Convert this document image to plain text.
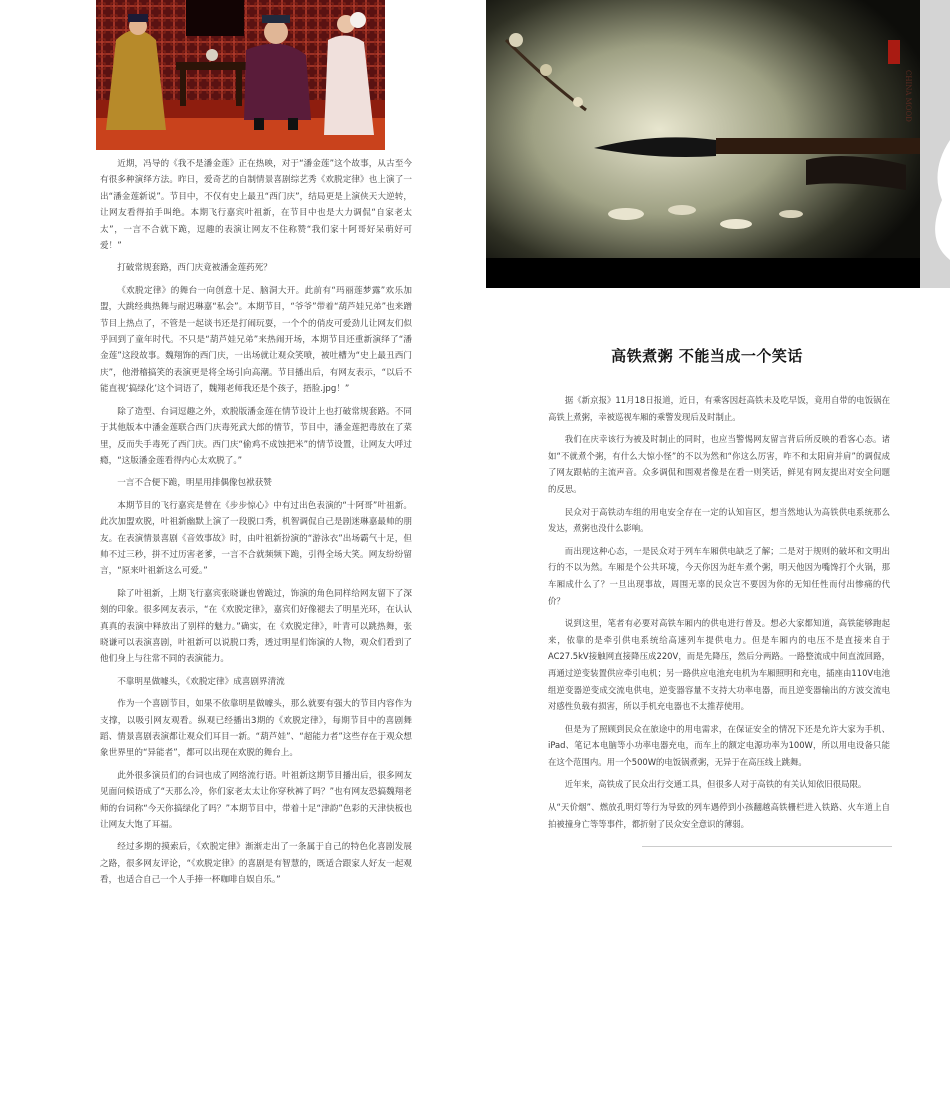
近期，冯导的《我不是潘金莲》正在热映，对于“潘金莲”这个故事，从古至今有很多种演绎方法。昨日，爱奇艺的自制情景喜剧综艺秀《欢脱定律》也上演了一出“潘金莲新说”。节目中，不仅有史上最丑“西门庆”，结局更是上演侠天大逆转，让网友看得拍手叫绝。本期飞行嘉宾叶祖新，在节目中也是大力调侃“自家老太太”，一言不合就下跪，逗趣的表演让网友不住称赞“我们家十阿哥好呆萌好可爱！”

打破常规套路，西门庆竟被潘金莲药死？

《欢脱定律》的舞台一向创意十足、脑洞大开。此前有“玛丽莲梦露”欢乐加盟，大跳经典热舞与耐迟琳嘉“私会”。本期节目，“爷爷”带着“葫芦娃兄弟”也来蹭节目上热点了，不管是一起谈书还是打闹玩耍，一个个的俏皮可爱劲儿让网友们似乎回到了童年时代。不只是“葫芦娃兄弟”来热闹开场，本期节目还重新演绎了“潘金莲”这段故事。魏翔饰的西门庆，一出场就让观众笑喷，被吐槽为“史上最丑西门庆”，他滑稽搞笑的表演更是将全场引向高潮。节目播出后，有网友表示，“以后不能直视‘搞绿化’这个词语了，魏翔老师我还是个孩子，捂脸.jpg！”

除了造型、台词逗趣之外，欢脱版潘金莲在情节设计上也打破常规套路。不同于其他版本中潘金莲联合西门庆毒死武大郎的情节，节目中，潘金莲把毒放在了菜里，反而失手毒死了西门庆。西门庆“偷鸡不成蚀把米”的情节设置，让网友大呼过瘾，“这版潘金莲看得内心太欢脱了。”

一言不合便下跪，明星用排偶像包袱获赞

本期节目的飞行嘉宾是曾在《步步惊心》中有过出色表演的“十阿哥”叶祖新。此次加盟欢脱，叶祖新幽默上演了一段脱口秀，机智调侃自己是剧迷琳嘉最帅的朋友。在表演情景喜剧《音效事故》时，由叶祖新扮演的“游泳衣”出场霸气十足，但帅不过三秒，拼不过历害老爹，一言不合就频频下跪，引得全场大笑。网友纷纷留言，“原来叶祖新这么可爱。”

除了叶祖新，上期飞行嘉宾张晓谦也曾跪过，饰演的角色同样给网友留下了深刻的印象。很多网友表示，“在《欢脱定律》，嘉宾们好像褪去了明星光环，在认认真真的表演中释放出了别样的魅力。”确实，在《欢脱定律》，叶青可以跳热舞，张晓谦可以表演喜剧，叶祖新可以说脱口秀，透过明星们饰演的人物，观众们看到了他们身上与往常不同的表演能力。

不靠明星做噱头，《欢脱定律》成喜剧界清流

作为一个喜剧节目，如果不依靠明星做噱头，那么就要有强大的节目内容作为支撑，以吸引网友观看。纵观已经播出3期的《欢脱定律》，每期节目中的喜剧舞蹈、情景喜剧表演都让观众们耳目一新。“葫芦娃”、“超能力者”这些存在于观众想象世界里的“异能者”，都可以出现在欢脱的舞台上。

此外很多演员们的台词也成了网络流行语。叶祖新这期节目播出后，很多网友见面问候语成了“天那么冷，你们家老太太让你穿秋裤了吗？”也有网友恐搞魏翔老师的台词称“今天你搞绿化了吗？”本期节目中，带着十足“津韵”色彩的天津快板也让网友大饱了耳福。

经过多期的摸索后，《欢脱定律》渐渐走出了一条属于自己的特色化喜剧发展之路，很多网友评论，“《欢脱定律》的喜剧是有智慧的，既适合跟家人好友一起观看，也适合自己一个人手捧一杯咖啡自娱自乐。”

CHINA MOOD
高铁煮粥 不能当成一个笑话

据《新京报》11月18日报道，近日，有乘客因赶高铁未及吃早饭，竟用自带的电饭锅在高铁上煮粥，幸被巡视车厢的乘警发现后及时制止。

我们在庆幸该行为被及时制止的同时，也应当警惕网友留言背后所反映的看客心态。诸如“不就煮个粥，有什么大惊小怪”的不以为然和“你这么厉害，咋不和太阳肩并肩”的调侃成了网友跟帖的主流声音。众多调侃和围观者像是在看一则笑话，鲜见有网友提出对安全问题的反思。

民众对于高铁动车组的用电安全存在一定的认知盲区，想当然地认为高铁供电系统那么发达，煮粥也没什么影响。

而出现这种心态，一是民众对于列车车厢供电缺乏了解；二是对于规则的破坏和文明出行的不以为然。车厢是个公共环境，今天你因为赶车煮个粥，明天他因为嘴馋打个火锅，那车厢成什么了？一旦出现事故，周围无辜的民众岂不要因为你的无知任性而付出惨痛的代价？

说到这里，笔者有必要对高铁车厢内的供电进行普及。想必大家都知道，高铁能够跑起来，依靠的是牵引供电系统给高速列车提供电力。但是车厢内的电压不是直接来自于AC27.5kV接触网直接降压成220V，而是先降压，然后分两路。一路整流成中间直流回路，再通过逆变装置供应牵引电机；另一路供应电池充电机为车厢照明和充电，插座由110V电池组逆变器逆变成交流电供电，逆变器容量不支持大功率电器，而且逆变器输出的方波交流电对感性负载有损害，所以手机充电器也不太推荐使用。

但是为了照顾到民众在旅途中的用电需求，在保证安全的情况下还是允许大家为手机、iPad、笔记本电脑等小功率电器充电，而车上的额定电源功率为100W，所以用电设备只能在这个范围内。用一个500W的电饭锅煮粥，无异于在高压线上跳舞。

近年来，高铁成了民众出行交通工具，但很多人对于高铁的有关认知依旧很局限。

从“天价烟”、燃放孔明灯等行为导致的列车遇停到小孩翻越高铁栅栏进入铁路、火车道上自拍被撞身亡等等事件，都折射了民众安全意识的薄弱。
